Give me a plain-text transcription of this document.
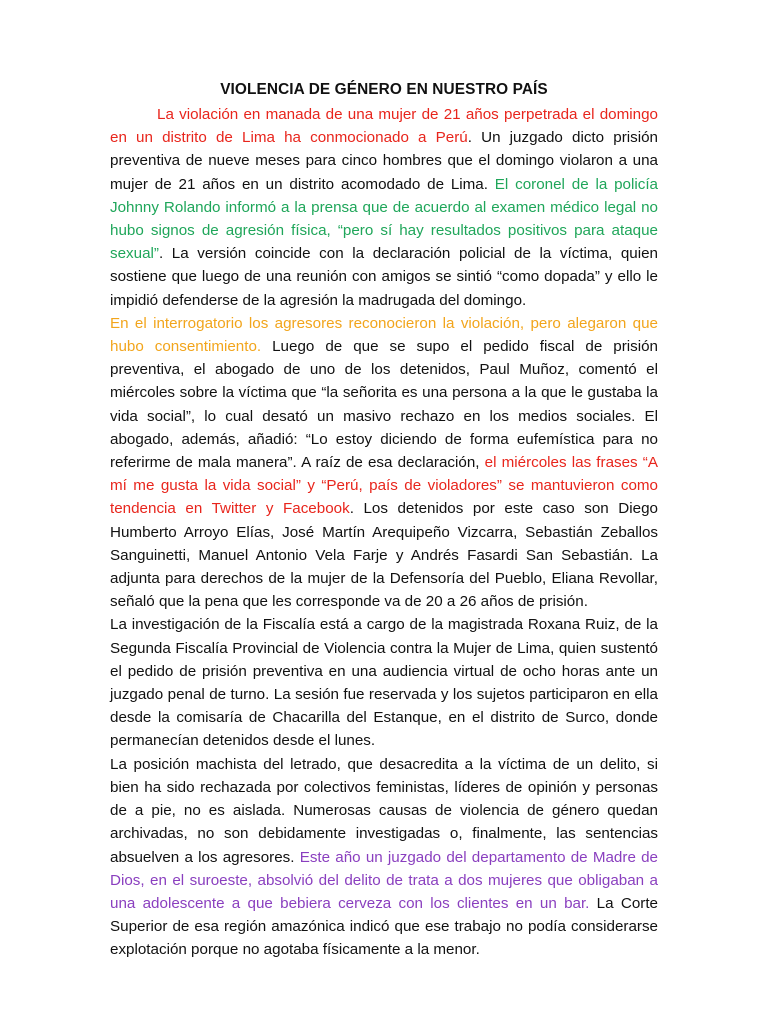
VIOLENCIA DE GÉNERO EN NUESTRO PAÍS

La violación en manada de una mujer de 21 años perpetrada el domingo en un distrito de Lima ha conmocionado a Perú. Un juzgado dicto prisión preventiva de nueve meses para cinco hombres que el domingo violaron a una mujer de 21 años en un distrito acomodado de Lima. El coronel de la policía Johnny Rolando informó a la prensa que de acuerdo al examen médico legal no hubo signos de agresión física, “pero sí hay resultados positivos para ataque sexual”. La versión coincide con la declaración policial de la víctima, quien sostiene que luego de una reunión con amigos se sintió “como dopada” y ello le impidió defenderse de la agresión la madrugada del domingo.

En el interrogatorio los agresores reconocieron la violación, pero alegaron que hubo consentimiento. Luego de que se supo el pedido fiscal de prisión preventiva, el abogado de uno de los detenidos, Paul Muñoz, comentó el miércoles sobre la víctima que “la señorita es una persona a la que le gustaba la vida social”, lo cual desató un masivo rechazo en los medios sociales. El abogado, además, añadió: “Lo estoy diciendo de forma eufemística para no referirme de mala manera”. A raíz de esa declaración, el miércoles las frases “A mí me gusta la vida social” y “Perú, país de violadores” se mantuvieron como tendencia en Twitter y Facebook. Los detenidos por este caso son Diego Humberto Arroyo Elías, José Martín Arequipeño Vizcarra, Sebastián Zeballos Sanguinetti, Manuel Antonio Vela Farje y Andrés Fasardi San Sebastián. La adjunta para derechos de la mujer de la Defensoría del Pueblo, Eliana Revollar, señaló que la pena que les corresponde va de 20 a 26 años de prisión.

La investigación de la Fiscalía está a cargo de la magistrada Roxana Ruiz, de la Segunda Fiscalía Provincial de Violencia contra la Mujer de Lima, quien sustentó el pedido de prisión preventiva en una audiencia virtual de ocho horas ante un juzgado penal de turno. La sesión fue reservada y los sujetos participaron en ella desde la comisaría de Chacarilla del Estanque, en el distrito de Surco, donde permanecían detenidos desde el lunes.

La posición machista del letrado, que desacredita a la víctima de un delito, si bien ha sido rechazada por colectivos feministas, líderes de opinión y personas de a pie, no es aislada. Numerosas causas de violencia de género quedan archivadas, no son debidamente investigadas o, finalmente, las sentencias absuelven a los agresores. Este año un juzgado del departamento de Madre de Dios, en el suroeste, absolvió del delito de trata a dos mujeres que obligaban a una adolescente a que bebiera cerveza con los clientes en un bar. La Corte Superior de esa región amazónica indicó que ese trabajo no podía considerarse explotación porque no agotaba físicamente a la menor.
